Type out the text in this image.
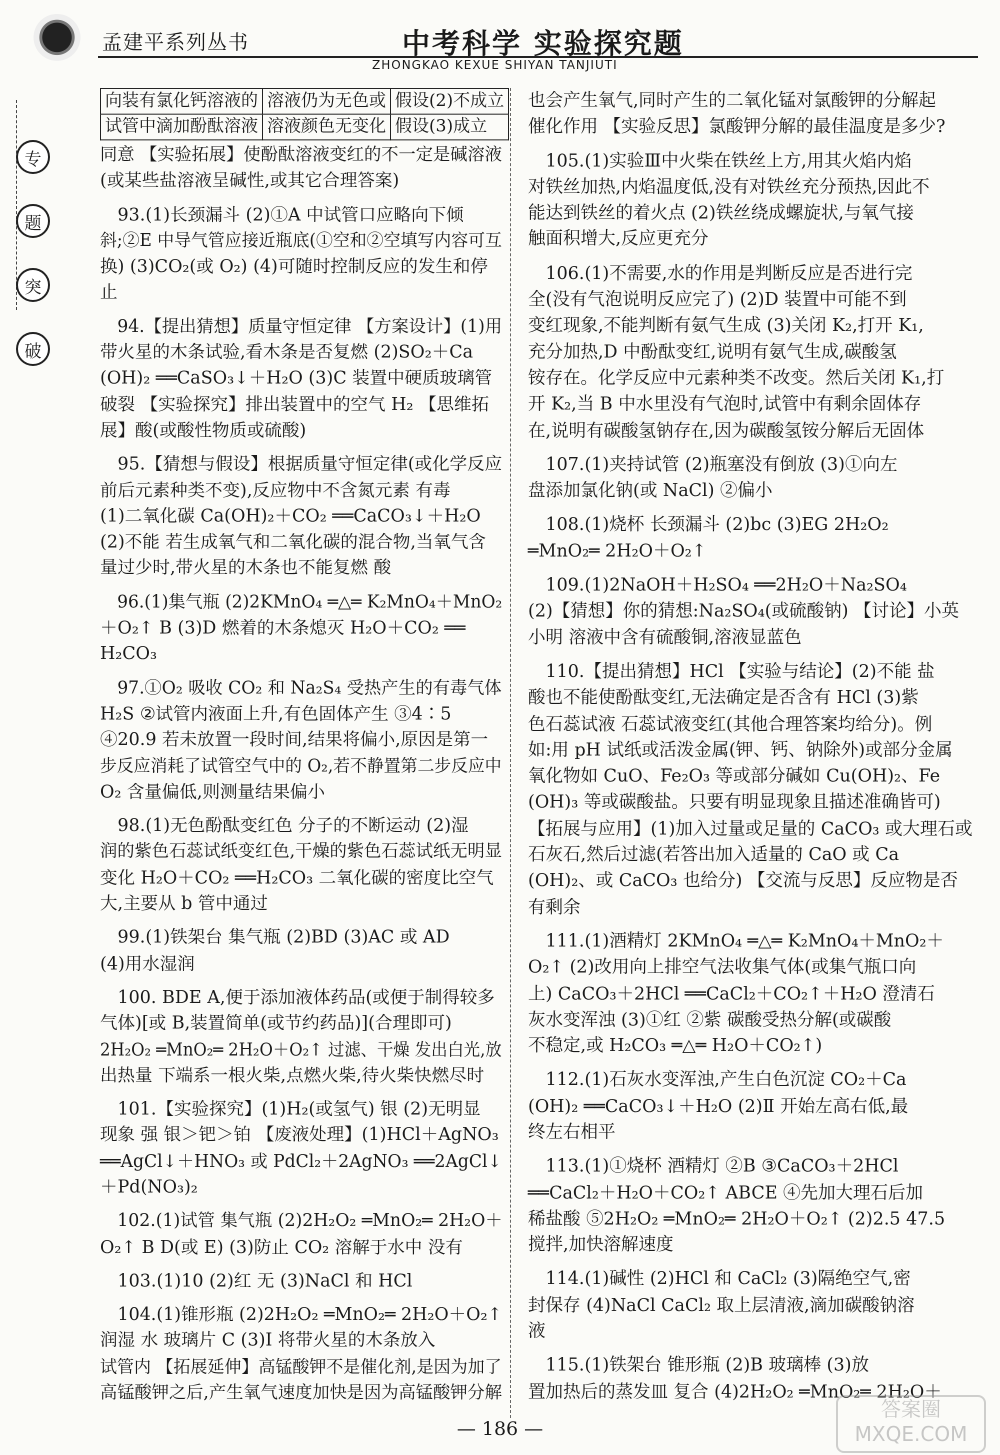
孟建平系列丛书	中考科学 实验探究题
ZHONGKAO KEXUE SHIYAN TANJIUTI
专
题
突
破
向装有氯化钙溶液的	溶液仍为无色或	假设(2)不成立
试管中滴加酚酞溶液	溶液颜色无变化	假设(3)成立
同意 【实验拓展】使酚酞溶液变红的不一定是碱溶液
(或某些盐溶液呈碱性,或其它合理答案)
　93.(1)长颈漏斗 (2)①A 中试管口应略向下倾
斜;②E 中导气管应接近瓶底(①空和②空填写内容可互
换) (3)CO₂(或 O₂) (4)可随时控制反应的发生和停
止
　94.【提出猜想】质量守恒定律 【方案设计】(1)用
带火星的木条试验,看木条是否复燃 (2)SO₂＋Ca
(OH)₂ ══CaSO₃↓＋H₂O (3)C 装置中硬质玻璃管
破裂 【实验探究】排出装置中的空气 H₂ 【思维拓
展】酸(或酸性物质或硫酸)
　95.【猜想与假设】根据质量守恒定律(或化学反应
前后元素种类不变),反应物中不含氮元素 有毒
(1)二氧化碳 Ca(OH)₂＋CO₂ ══CaCO₃↓＋H₂O
(2)不能 若生成氧气和二氧化碳的混合物,当氧气含
量过少时,带火星的木条也不能复燃 酸
　96.(1)集气瓶 (2)2KMnO₄ ═△═ K₂MnO₄＋MnO₂
＋O₂↑ B (3)D 燃着的木条熄灭 H₂O＋CO₂ ══
H₂CO₃
　97.①O₂ 吸收 CO₂ 和 Na₂S₄ 受热产生的有毒气体
H₂S ②试管内液面上升,有色固体产生 ③4∶5
④20.9 若未放置一段时间,结果将偏小,原因是第一
步反应消耗了试管空气中的 O₂,若不静置第二步反应中
O₂ 含量偏低,则测量结果偏小
　98.(1)无色酚酞变红色 分子的不断运动 (2)湿
润的紫色石蕊试纸变红色,干燥的紫色石蕊试纸无明显
变化 H₂O＋CO₂ ══H₂CO₃ 二氧化碳的密度比空气
大,主要从 b 管中通过
　99.(1)铁架台 集气瓶 (2)BD (3)AC 或 AD
(4)用水湿润
　100. BDE A,便于添加液体药品(或便于制得较多
气体)[或 B,装置简单(或节约药品)](合理即可)
2H₂O₂ ═MnO₂═ 2H₂O＋O₂↑ 过滤、干燥 发出白光,放
出热量 下端系一根火柴,点燃火柴,待火柴快燃尽时
　101.【实验探究】(1)H₂(或氢气) 银 (2)无明显
现象 强 银＞钯＞铂 【废液处理】(1)HCl＋AgNO₃
══AgCl↓＋HNO₃ 或 PdCl₂＋2AgNO₃ ══2AgCl↓
＋Pd(NO₃)₂
　102.(1)试管 集气瓶 (2)2H₂O₂ ═MnO₂═ 2H₂O＋
O₂↑ B D(或 E) (3)防止 CO₂ 溶解于水中 没有
　103.(1)10 (2)红 无 (3)NaCl 和 HCl
　104.(1)锥形瓶 (2)2H₂O₂ ═MnO₂═ 2H₂O＋O₂↑
润湿 水 玻璃片 C (3)Ⅰ 将带火星的木条放入
试管内 【拓展延伸】高锰酸钾不是催化剂,是因为加了
高锰酸钾之后,产生氧气速度加快是因为高锰酸钾分解
也会产生氧气,同时产生的二氧化锰对氯酸钾的分解起
催化作用 【实验反思】氯酸钾分解的最佳温度是多少?
　105.(1)实验Ⅲ中火柴在铁丝上方,用其火焰内焰
对铁丝加热,内焰温度低,没有对铁丝充分预热,因此不
能达到铁丝的着火点 (2)铁丝绕成螺旋状,与氧气接
触面积增大,反应更充分
　106.(1)不需要,水的作用是判断反应是否进行完
全(没有气泡说明反应完了) (2)D 装置中可能不到
变红现象,不能判断有氨气生成 (3)关闭 K₂,打开 K₁,
充分加热,D 中酚酞变红,说明有氨气生成,碳酸氢
铵存在。化学反应中元素种类不改变。然后关闭 K₁,打
开 K₂,当 B 中水里没有气泡时,试管中有剩余固体存
在,说明有碳酸氢钠存在,因为碳酸氢铵分解后无固体
　107.(1)夹持试管 (2)瓶塞没有倒放 (3)①向左
盘添加氯化钠(或 NaCl) ②偏小
　108.(1)烧杯 长颈漏斗 (2)bc (3)EG 2H₂O₂
═MnO₂═ 2H₂O＋O₂↑
　109.(1)2NaOH＋H₂SO₄ ══2H₂O＋Na₂SO₄
(2)【猜想】你的猜想:Na₂SO₄(或硫酸钠) 【讨论】小英
小明 溶液中含有硫酸铜,溶液显蓝色
　110.【提出猜想】HCl 【实验与结论】(2)不能 盐
酸也不能使酚酞变红,无法确定是否含有 HCl (3)紫
色石蕊试液 石蕊试液变红(其他合理答案均给分)。例
如:用 pH 试纸或活泼金属(钾、钙、钠除外)或部分金属
氧化物如 CuO、Fe₂O₃ 等或部分碱如 Cu(OH)₂、Fe
(OH)₃ 等或碳酸盐。只要有明显现象且描述准确皆可)
【拓展与应用】(1)加入过量或足量的 CaCO₃ 或大理石或
石灰石,然后过滤(若答出加入适量的 CaO 或 Ca
(OH)₂、或 CaCO₃ 也给分) 【交流与反思】反应物是否
有剩余
　111.(1)酒精灯 2KMnO₄ ═△═ K₂MnO₄＋MnO₂＋
O₂↑ (2)改用向上排空气法收集气体(或集气瓶口向
上) CaCO₃＋2HCl ══CaCl₂＋CO₂↑＋H₂O 澄清石
灰水变浑浊 (3)①红 ②紫 碳酸受热分解(或碳酸
不稳定,或 H₂CO₃ ═△═ H₂O＋CO₂↑)
　112.(1)石灰水变浑浊,产生白色沉淀 CO₂＋Ca
(OH)₂ ══CaCO₃↓＋H₂O (2)Ⅱ 开始左高右低,最
终左右相平
　113.(1)①烧杯 酒精灯 ②B ③CaCO₃＋2HCl
══CaCl₂＋H₂O＋CO₂↑ ABCE ④先加大理石后加
稀盐酸 ⑤2H₂O₂ ═MnO₂═ 2H₂O＋O₂↑ (2)2.5 47.5
搅拌,加快溶解速度
　114.(1)碱性 (2)HCl 和 CaCl₂ (3)隔绝空气,密
封保存 (4)NaCl CaCl₂ 取上层清液,滴加碳酸钠溶
液
　115.(1)铁架台 锥形瓶 (2)B 玻璃棒 (3)放
置加热后的蒸发皿 复合 (4)2H₂O₂ ═MnO₂═ 2H₂O＋
— 186 —
答案圈
MXQE.COM
